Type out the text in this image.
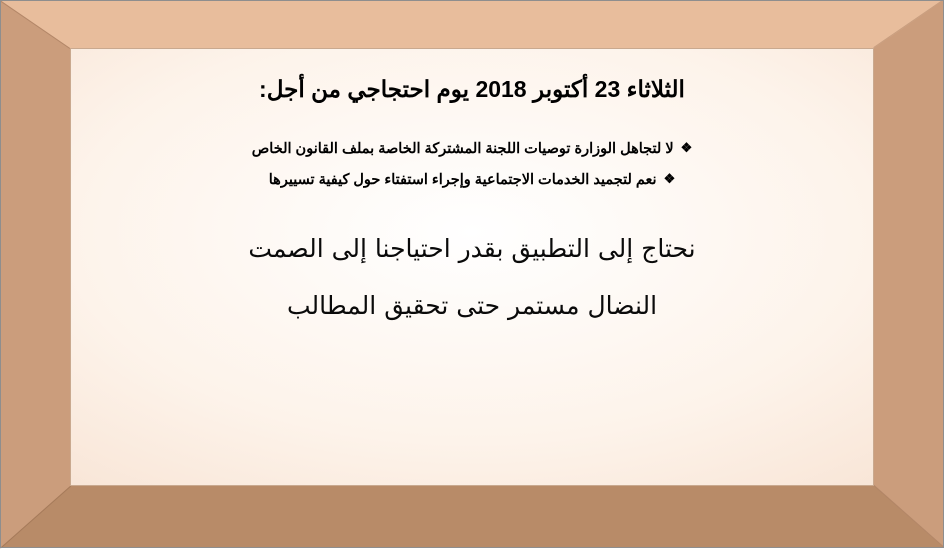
الثلاثاء 23 أكتوبر 2018 يوم احتجاجي من أجل:
❖
لا لتجاهل الوزارة توصيات اللجنة المشتركة الخاصة بملف القانون الخاص
❖
نعم لتجميد الخدمات الاجتماعية وإجراء استفتاء حول كيفية تسييرها

نحتاج إلى التطبيق بقدر احتياجنا إلى الصمت

النضال مستمر حتى تحقيق المطالب
